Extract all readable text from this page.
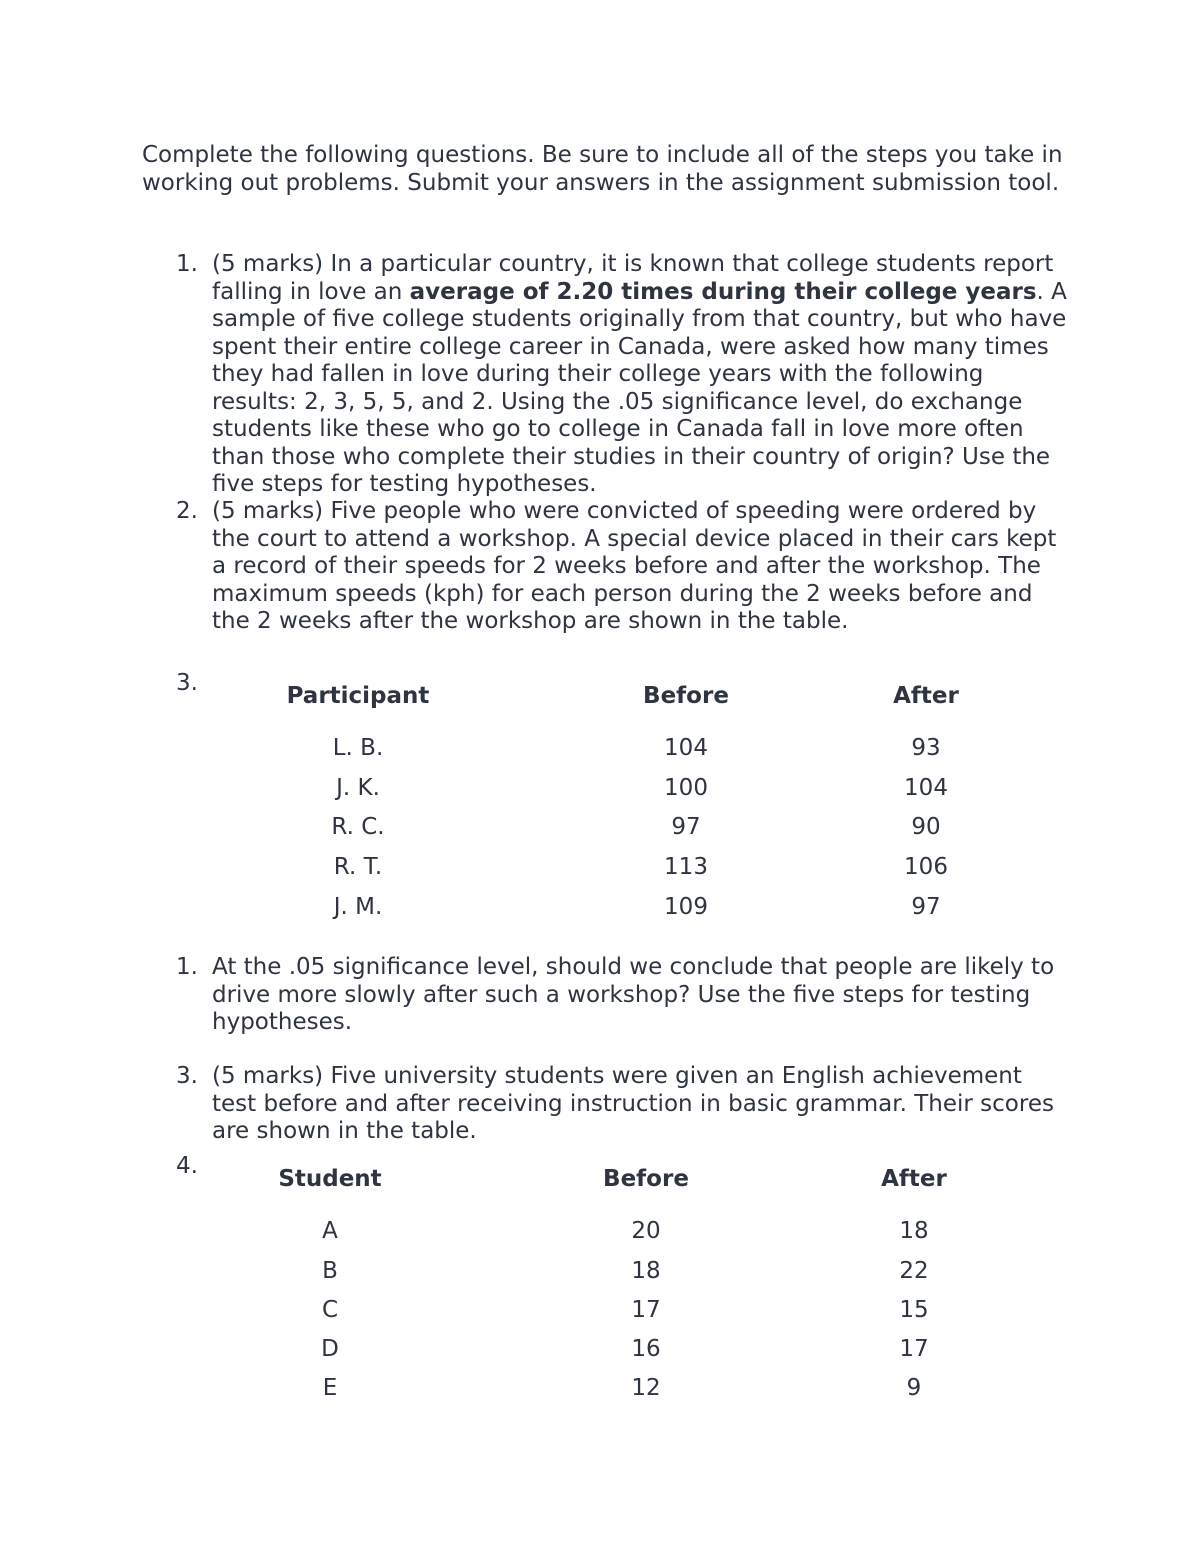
Complete the following questions. Be sure to include all of the steps you take in working out problems. Submit your answers in the assignment submission tool.

1. (5 marks) In a particular country, it is known that college students report falling in love an average of 2.20 times during their college years. A sample of five college students originally from that country, but who have spent their entire college career in Canada, were asked how many times they had fallen in love during their college years with the following results: 2, 3, 5, 5, and 2. Using the .05 significance level, do exchange students like these who go to college in Canada fall in love more often than those who complete their studies in their country of origin? Use the five steps for testing hypotheses.
2. (5 marks) Five people who were convicted of speeding were ordered by the court to attend a workshop. A special device placed in their cars kept a record of their speeds for 2 weeks before and after the workshop. The maximum speeds (kph) for each person during the 2 weeks before and the 2 weeks after the workshop are shown in the table.
3.	Participant	Before	After
L. B.	104	93
J. K.	100	104
R. C.	97	90
R. T.	113	106
J. M.	109	97
1. At the .05 significance level, should we conclude that people are likely to drive more slowly after such a workshop? Use the five steps for testing hypotheses.
3. (5 marks) Five university students were given an English achievement test before and after receiving instruction in basic grammar. Their scores are shown in the table.
4.	Student	Before	After
A	20	18
B	18	22
C	17	15
D	16	17
E	12	9
